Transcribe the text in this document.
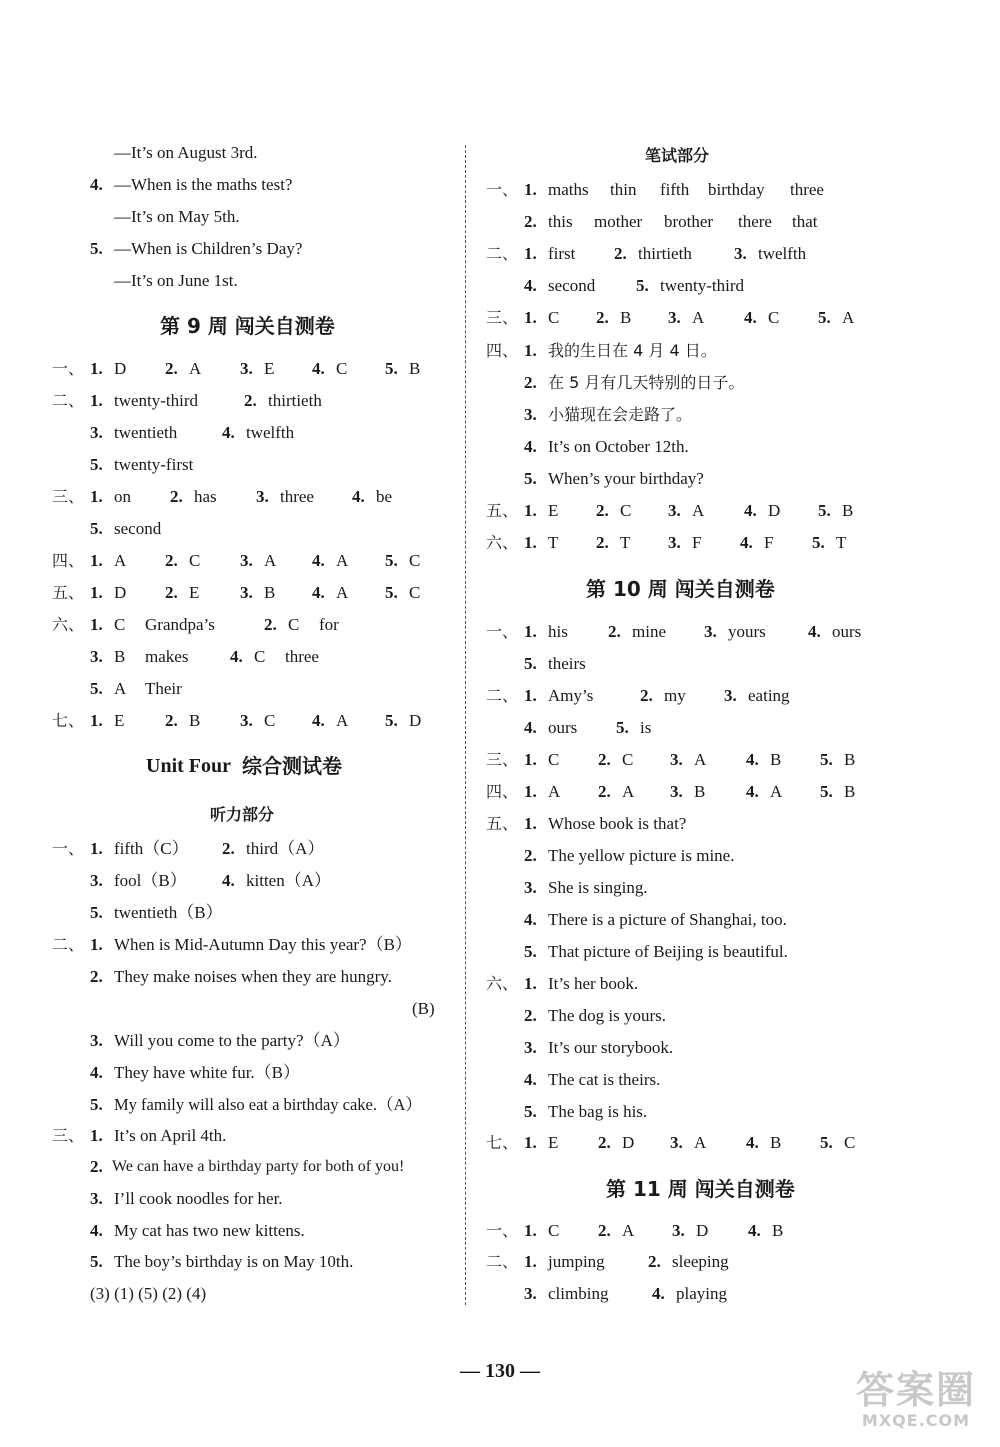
—It’s on August 3rd.
4. —When is the maths test?
—It’s on May 5th.
5. —When is Children’s Day?
—It’s on June 1st.
第 9 周 闯关自测卷
一、 1. D 2. A 3. E 4. C 5. B
二、 1. twenty-third	2. thirtieth
3. twentieth	4. twelfth
5. twenty-first
三、 1. on 2. has 3. three 4. be
5. second
四、 1. A 2. C 3. A 4. A 5. C
五、 1. D 2. E 3. B 4. A 5. C
六、 1. C Grandpa’s	2. C for
3. B makes 4. C three
5. A Their
七、 1. E 2. B 3. C 4. A 5. D
Unit Four 综合测试卷
听力部分
一、 1. fifth（C） 2. third（A）
3. fool（B） 4. kitten（A）
5. twentieth（B）
二、 1. When is Mid-Autumn Day this year?（B）
2. They make noises when they are hungry.
(B)
3. Will you come to the party?（A）
4. They have white fur.（B）
5. My family will also eat a birthday cake.（A）
三、 1. It’s on April 4th.
2. We can have a birthday party for both of you!
3. I’ll cook noodles for her.
4. My cat has two new kittens.
5. The boy’s birthday is on May 10th.
(3) (1) (5) (2) (4)
笔试部分
一、 1. maths thin fifth birthday three
2. this mother brother there that
二、 1. first 2. thirtieth 3. twelfth
4. second 5. twenty-third
三、 1. C 2. B 3. A 4. C 5. A
四、 1. 我的生日在 4 月 4 日。
2. 在 5 月有几天特别的日子。
3. 小猫现在会走路了。
4. It’s on October 12th.
5. When’s your birthday?
五、 1. E 2. C 3. A 4. D 5. B
六、 1. T 2. T 3. F 4. F 5. T
第 10 周 闯关自测卷
一、 1. his 2. mine 3. yours 4. ours
5. theirs
二、 1. Amy’s	2. my 3. eating
4. ours 5. is
三、 1. C 2. C 3. A 4. B 5. B
四、 1. A 2. A 3. B 4. A 5. B
五、 1. Whose book is that?
2. The yellow picture is mine.
3. She is singing.
4. There is a picture of Shanghai, too.
5. That picture of Beijing is beautiful.
六、 1. It’s her book.
2. The dog is yours.
3. It’s our storybook.
4. The cat is theirs.
5. The bag is his.
七、 1. E 2. D 3. A 4. B 5. C
第 11 周 闯关自测卷
一、 1. C 2. A 3. D 4. B
二、 1. jumping	2. sleeping
3. climbing	4. playing
— 130 —	答案圈
MXQE.COM
